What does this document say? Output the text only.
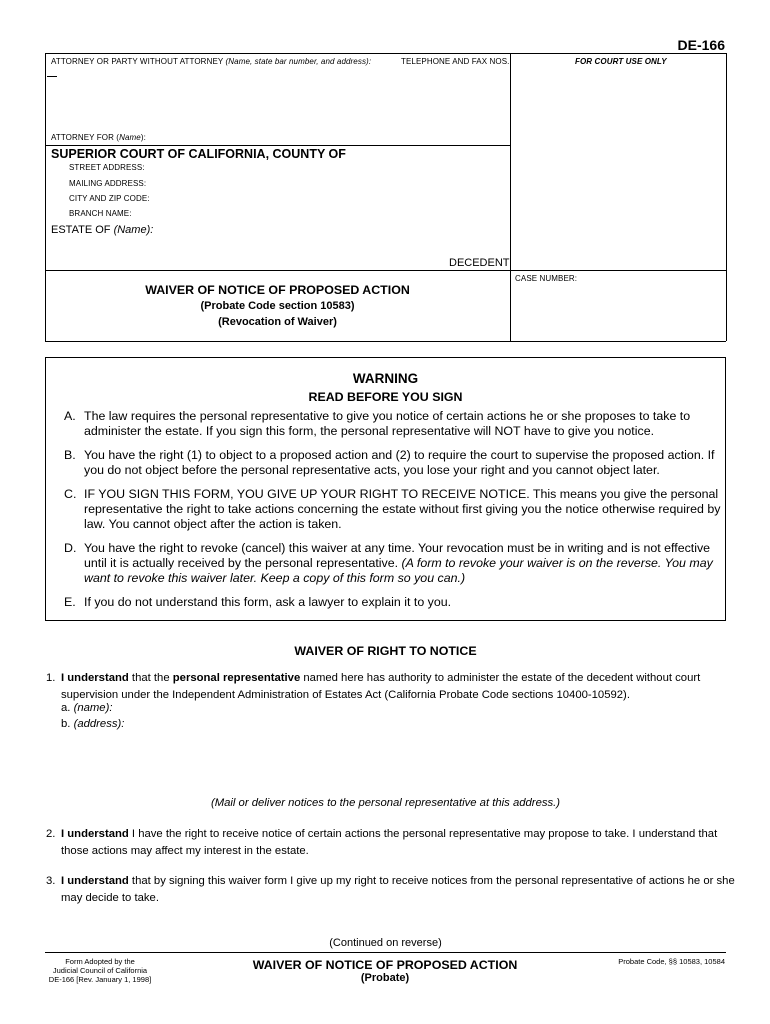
DE-166
ATTORNEY OR PARTY WITHOUT ATTORNEY (Name, state bar number, and address):	TELEPHONE AND FAX NOS.:	FOR COURT USE ONLY
ATTORNEY FOR (Name):
SUPERIOR COURT OF CALIFORNIA, COUNTY OF
STREET ADDRESS:
MAILING ADDRESS:
CITY AND ZIP CODE:
BRANCH NAME:
ESTATE OF (Name):
DECEDENT
CASE NUMBER:
WAIVER OF NOTICE OF PROPOSED ACTION
(Probate Code section 10583)
(Revocation of Waiver)
WARNING
READ BEFORE YOU SIGN
A. The law requires the personal representative to give you notice of certain actions he or she proposes to take to administer the estate. If you sign this form, the personal representative will NOT have to give you notice.
B. You have the right (1) to object to a proposed action and (2) to require the court to supervise the proposed action. If you do not object before the personal representative acts, you lose your right and you cannot object later.
C. IF YOU SIGN THIS FORM, YOU GIVE UP YOUR RIGHT TO RECEIVE NOTICE. This means you give the personal representative the right to take actions concerning the estate without first giving you the notice otherwise required by law. You cannot object after the action is taken.
D. You have the right to revoke (cancel) this waiver at any time. Your revocation must be in writing and is not effective until it is actually received by the personal representative. (A form to revoke your waiver is on the reverse. You may want to revoke this waiver later. Keep a copy of this form so you can.)
E. If you do not understand this form, ask a lawyer to explain it to you.
WAIVER OF RIGHT TO NOTICE
1. I understand that the personal representative named here has authority to administer the estate of the decedent without court supervision under the Independent Administration of Estates Act (California Probate Code sections 10400-10592).
a. (name):
b. (address):
(Mail or deliver notices to the personal representative at this address.)
2. I understand I have the right to receive notice of certain actions the personal representative may propose to take. I understand that those actions may affect my interest in the estate.
3. I understand that by signing this waiver form I give up my right to receive notices from the personal representative of actions he or she may decide to take.
(Continued on reverse)
Form Adopted by the
Judicial Council of California
DE-166 [Rev. January 1, 1998]
WAIVER OF NOTICE OF PROPOSED ACTION
(Probate)
Probate Code, §§ 10583, 10584
